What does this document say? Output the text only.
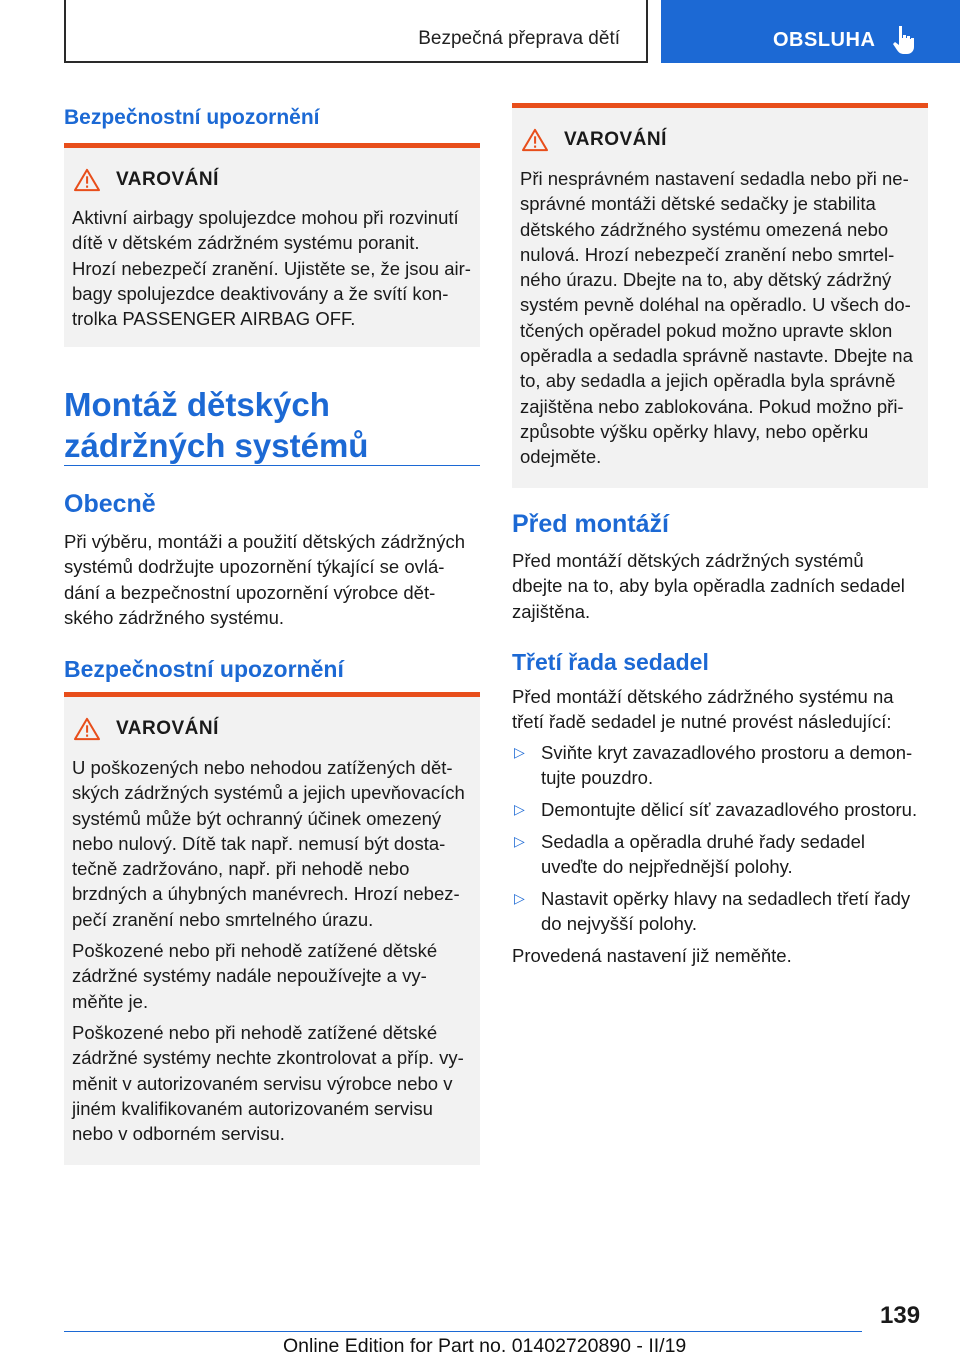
Bezpečná přeprava dětí	OBSLUHA
Bezpečnostní upozornění
VAROVÁNÍ
Aktivní airbagy spolujezdce mohou při rozvinutí
dítě v dětském zádržném systému poranit.
Hrozí nebezpečí zranění. Ujistěte se, že jsou air‐
bagy spolujezdce deaktivovány a že svítí kon‐
trolka PASSENGER AIRBAG OFF.
Montáž dětských
zádržných systémů
Obecně
Při výběru, montáži a použití dětských zádržných
systémů dodržujte upozornění týkající se ovlá‐
dání a bezpečnostní upozornění výrobce dět‐
ského zádržného systému.
Bezpečnostní upozornění
VAROVÁNÍ
U poškozených nebo nehodou zatížených dět‐
ských zádržných systémů a jejich upevňovacích
systémů může být ochranný účinek omezený
nebo nulový. Dítě tak např. nemusí být dosta‐
tečně zadržováno, např. při nehodě nebo
brzdných a úhybných manévrech. Hrozí nebez‐
pečí zranění nebo smrtelného úrazu.
Poškozené nebo při nehodě zatížené dětské
zádržné systémy nadále nepoužívejte a vy‐
měňte je.
Poškozené nebo při nehodě zatížené dětské
zádržné systémy nechte zkontrolovat a příp. vy‐
měnit v autorizovaném servisu výrobce nebo v
jiném kvalifikovaném autorizovaném servisu
nebo v odborném servisu.
VAROVÁNÍ
Při nesprávném nastavení sedadla nebo při ne‐
správné montáži dětské sedačky je stabilita
dětského zádržného systému omezená nebo
nulová. Hrozí nebezpečí zranění nebo smrtel‐
ného úrazu. Dbejte na to, aby dětský zádržný
systém pevně doléhal na opěradlo. U všech do‐
tčených opěradel pokud možno upravte sklon
opěradla a sedadla správně nastavte. Dbejte na
to, aby sedadla a jejich opěradla byla správně
zajištěna nebo zablokována. Pokud možno při‐
způsobte výšku opěrky hlavy, nebo opěrku
odejměte.
Před montáží
Před montáží dětských zádržných systémů
dbejte na to, aby byla opěradla zadních sedadel
zajištěna.
Třetí řada sedadel
Před montáží dětského zádržného systému na
třetí řadě sedadel je nutné provést následující:
▷ Sviňte kryt zavazadlového prostoru a demon‐
tujte pouzdro.
▷ Demontujte dělicí síť zavazadlového prostoru.
▷ Sedadla a opěradla druhé řady sedadel
uveďte do nejpřednější polohy.
▷ Nastavit opěrky hlavy na sedadlech třetí řady
do nejvyšší polohy.
Provedená nastavení již neměňte.
139
Online Edition for Part no. 01402720890 - II/19
